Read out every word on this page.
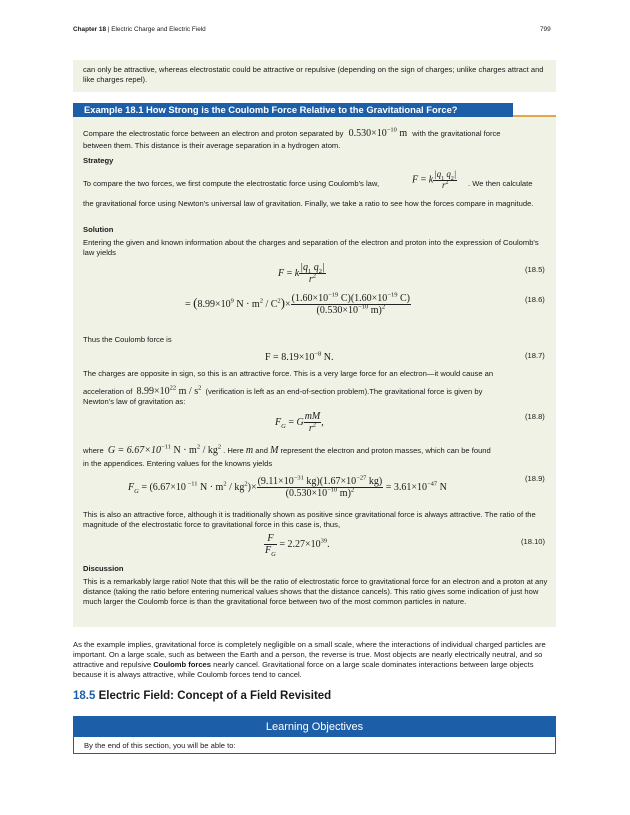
Chapter 18 | Electric Charge and Electric Field	799
can only be attractive, whereas electrostatic could be attractive or repulsive (depending on the sign of charges; unlike charges attract and like charges repel).
Example 18.1 How Strong is the Coulomb Force Relative to the Gravitational Force?
Compare the electrostatic force between an electron and proton separated by $0.530\times 10^{-10}$ m with the gravitational force
between them. This distance is their average separation in a hydrogen atom.
Strategy
To compare the two forces, we first compute the electrostatic force using Coulomb's law,	F = k $\frac{|q_1 q_2|}{r^2}$ . We then calculate
the gravitational force using Newton's universal law of gravitation. Finally, we take a ratio to see how the forces compare in magnitude.
Solution
Entering the given and known information about the charges and separation of the electron and proton into the expression of Coulomb's law yields
F = k $\frac{|q_1 q_2|}{r^2}$	(18.5)
= ($8.99\times 10^9$ $N \cdot m^2 / C^2)\times \frac{(1.60\times 10^{-19} C)(1.60\times 10^{-19} C)}{(0.530\times 10^{-10} m)^2}$	(18.6)
Thus the Coulomb force is
$F = 8.19\times 10^{-8}$ N.	(18.7)
The charges are opposite in sign, so this is an attractive force. This is a very large force for an electron—it would cause an
acceleration of $8.99\times 10^{22}$ m / $s^2$ (verification is left as an end-of-section problem).The gravitational force is given by
Newton's law of gravitation as:
$F_G = G \frac{mM}{r^2}$ ,
(18.8)
where $G = 6.67\times 10^{-11}$ $N \cdot m^2 / kg^2$ . Here m and M represent the electron and proton masses, which can be found
in the appendices. Entering values for the knowns yields
$F_G = (6.67\times 10$ $^{-11}$ $N \cdot m^2 / kg^2)\times \frac{(9.11\times 10^{-31} kg)(1.67\times 10^{-27} kg)}{(0.530\times 10^{-10} m)^2} = 3.61\times 10^{-47}$ N
(18.9)
This is also an attractive force, although it is traditionally shown as positive since gravitational force is always attractive. The ratio of the magnitude of the electrostatic force to gravitational force in this case is, thus,
$\frac{F}{F_G} = 2.27\times 10^{39}$.	(18.10)
Discussion
This is a remarkably large ratio! Note that this will be the ratio of electrostatic force to gravitational force for an electron and a proton at any distance (taking the ratio before entering numerical values shows that the distance cancels). This ratio gives some indication of just how much larger the Coulomb force is than the gravitational force between two of the most common particles in nature.
As the example implies, gravitational force is completely negligible on a small scale, where the interactions of individual charged particles are important. On a large scale, such as between the Earth and a person, the reverse is true. Most objects are nearly electrically neutral, and so attractive and repulsive Coulomb forces nearly cancel. Gravitational force on a large scale dominates interactions between large objects because it is always attractive, while Coulomb forces tend to cancel.
18.5 Electric Field: Concept of a Field Revisited
Learning Objectives
By the end of this section, you will be able to:
